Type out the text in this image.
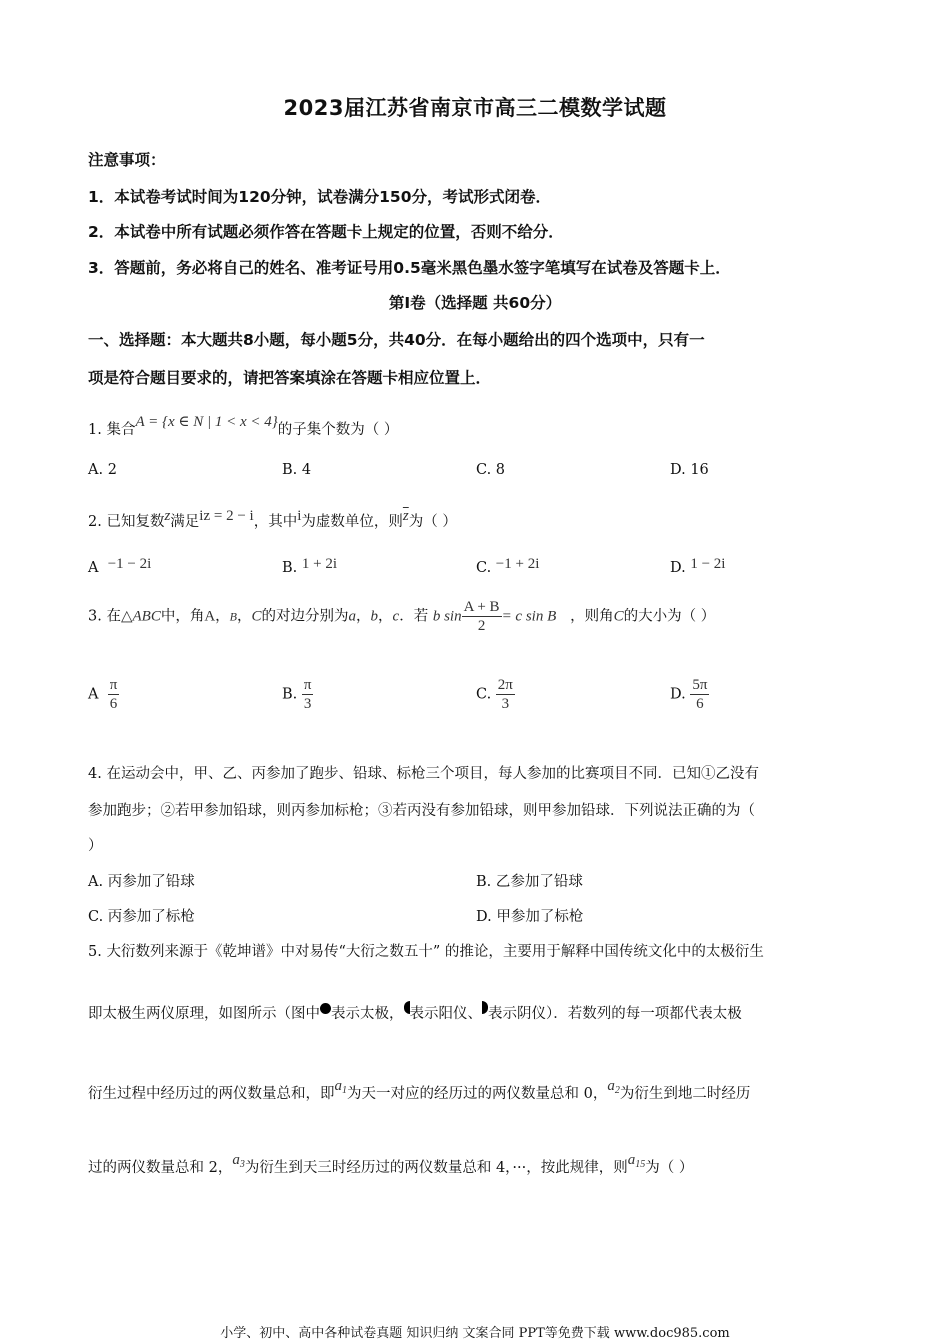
2023届江苏省南京市高三二模数学试题
注意事项：
1．本试卷考试时间为120分钟，试卷满分150分，考试形式闭卷．
2．本试卷中所有试题必须作答在答题卡上规定的位置，否则不给分．
3．答题前，务必将自己的姓名、准考证号用0.5毫米黑色墨水签字笔填写在试卷及答题卡上．
第Ⅰ卷（选择题 共60分）
一、选择题：本大题共8小题，每小题5分，共40分．在每小题给出的四个选项中，只有一
项是符合题目要求的，请把答案填涂在答题卡相应位置上．
1. 集合A = {x ∈ N | 1 < x < 4}的子集个数为（ ）
A. 2	B. 4	C. 8	D. 16
2. 已知复数z满足iz = 2 − i，其中i为虚数单位，则$\overline{z}$为（ ）
A −1 − 2i	B. 1 + 2i	C. −1 + 2i	D. 1 − 2i
3. 在△ABC中，角A，B，C的对边分别为a，b，c．若 b $\sin \frac{A + B}{2} = c$ sin B ，则角C的大小为（ ）
A $\frac{\pi}{6}$	B. $\frac{\pi}{3}$	C. $\frac{2\pi}{3}$	D. $\frac{5\pi}{6}$
4. 在运动会中，甲、乙、丙参加了跑步、铅球、标枪三个项目，每人参加的比赛项目不同．已知①乙没有
参加跑步；②若甲参加铅球，则丙参加标枪；③若丙没有参加铅球，则甲参加铅球．下列说法正确的为（
）
A. 丙参加了铅球	B. 乙参加了铅球
C. 丙参加了标枪	D. 甲参加了标枪
5. 大衍数列来源于《乾坤谱》中对易传“大衍之数五十” 的推论，主要用于解释中国传统文化中的太极衍生
即太极生两仪原理，如图所示（图中 表示太极， 表示阳仪、 表示阴仪）．若数列的每一项都代表太极
衍生过程中经历过的两仪数量总和，即$a_1$为天一对应的经历过的两仪数量总和 0，$a_2$为衍生到地二时经历
过的两仪数量总和 2，$a_3$为衍生到天三时经历过的两仪数量总和 4，···，按此规律，则$a_{15}$为（ ）
小学、初中、高中各种试卷真题 知识归纳 文案合同 PPT等免费下载 www.doc985.com
